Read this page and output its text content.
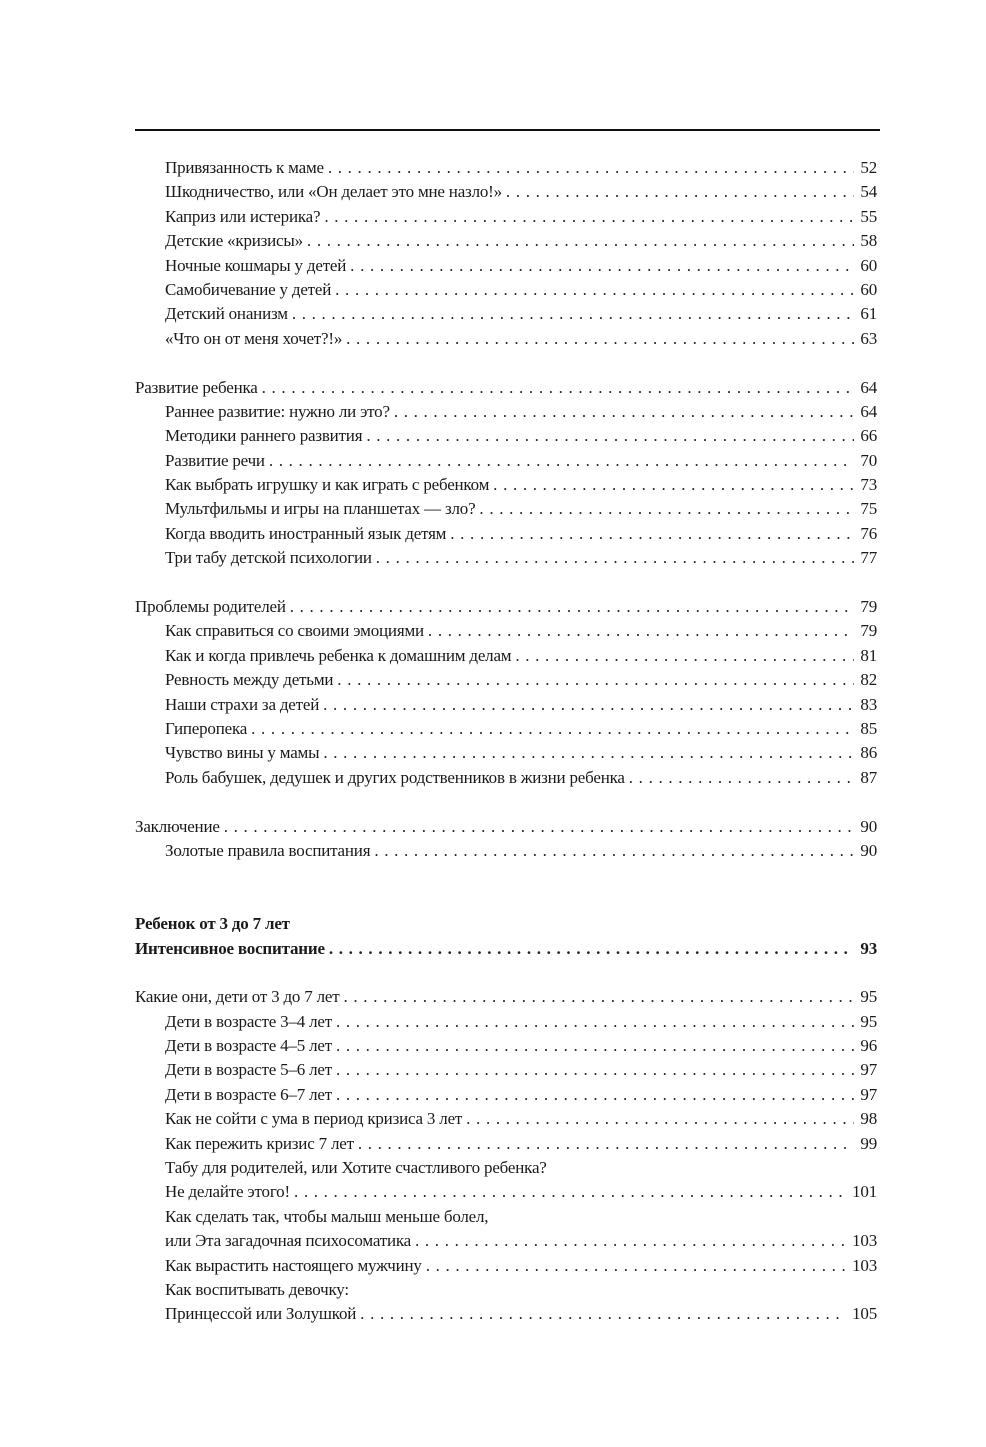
Привязанность к маме . . .	52
Шкодничество, или «Он делает это мне назло!» . . .	54
Каприз или истерика? . . .	55
Детские «кризисы» . . .	58
Ночные кошмары у детей . . .	60
Самобичевание у детей . . .	60
Детский онанизм . . .	61
«Что он от меня хочет?!» . . .	63
Развитие ребенка . . .	64
Раннее развитие: нужно ли это? . . .	64
Методики раннего развития . . .	66
Развитие речи . . .	70
Как выбрать игрушку и как играть с ребенком . . .	73
Мультфильмы и игры на планшетах — зло? . . .	75
Когда вводить иностранный язык детям . . .	76
Три табу детской психологии . . .	77
Проблемы родителей . . .	79
Как справиться со своими эмоциями . . .	79
Как и когда привлечь ребенка к домашним делам . . .	81
Ревность между детьми . . .	82
Наши страхи за детей . . .	83
Гиперопека . . .	85
Чувство вины у мамы . . .	86
Роль бабушек, дедушек и других родственников в жизни ребенка . . .	87
Заключение . . .	90
Золотые правила воспитания . . .	90
Ребенок от 3 до 7 лет
Интенсивное воспитание . . .	93
Какие они, дети от 3 до 7 лет . . .	95
Дети в возрасте 3–4 лет . . .	95
Дети в возрасте 4–5 лет . . .	96
Дети в возрасте 5–6 лет . . .	97
Дети в возрасте 6–7 лет . . .	97
Как не сойти с ума в период кризиса 3 лет . . .	98
Как пережить кризис 7 лет . . .	99
Табу для родителей, или Хотите счастливого ребенка?
Не делайте этого! . . .	101
Как сделать так, чтобы малыш меньше болел,
или Эта загадочная психосоматика . . .	103
Как вырастить настоящего мужчину . . .	103
Как воспитывать девочку:
Принцессой или Золушкой . . .	105
